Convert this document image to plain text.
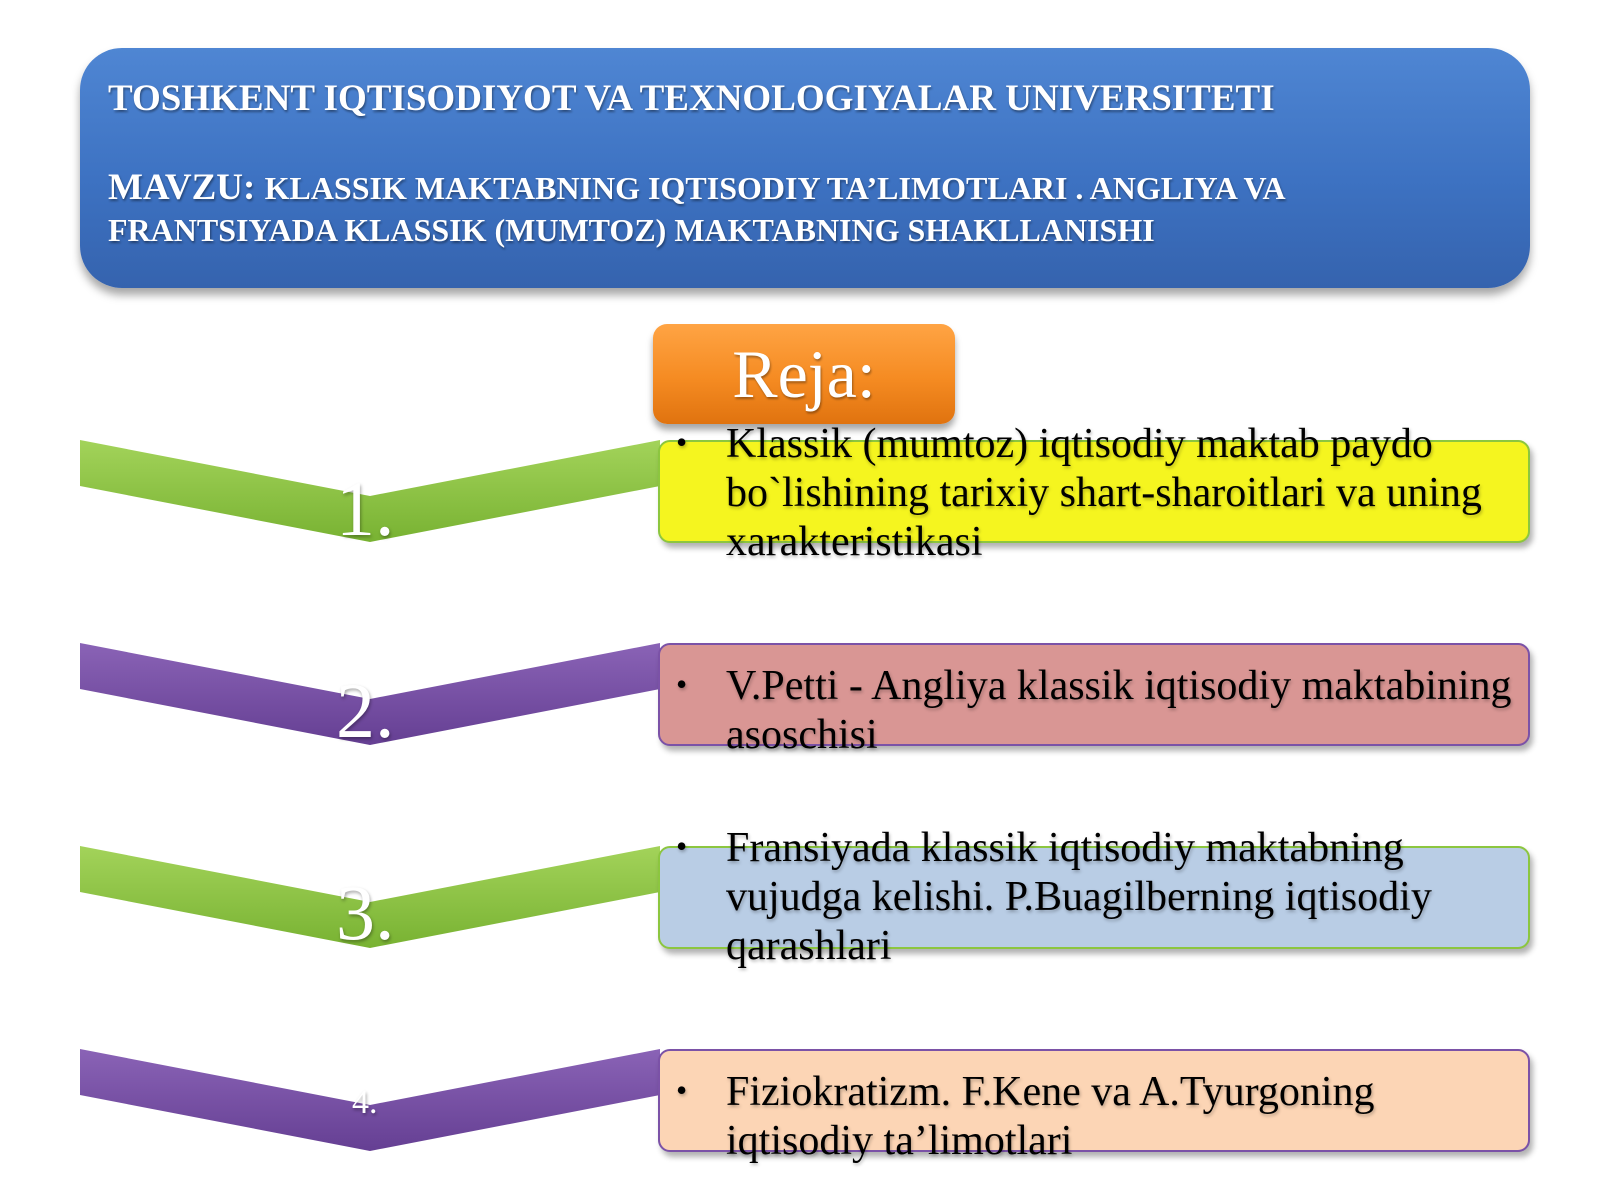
TOSHKENT IQTISODIYOT VA TEXNOLOGIYALAR UNIVERSITETI
MAVZU: KLASSIK MAKTABNING IQTISODIY TA’LIMOTLARI . ANGLIYA VA
FRANTSIYADA KLASSIK (MUMTOZ) MAKTABNING SHAKLLANISHI
Reja:
1.
• Klassik (mumtoz) iqtisodiy maktab paydo bo`lishining tarixiy shart-sharoitlari va uning xarakteristikasi
2.	• V.Petti - Angliya klassik iqtisodiy maktabining asoschisi
3.
• Fransiyada klassik iqtisodiy maktabning vujudga kelishi. P.Buagilberning iqtisodiy qarashlari
4.	• Fiziokratizm. F.Kene va A.Tyurgoning iqtisodiy ta’limotlari
